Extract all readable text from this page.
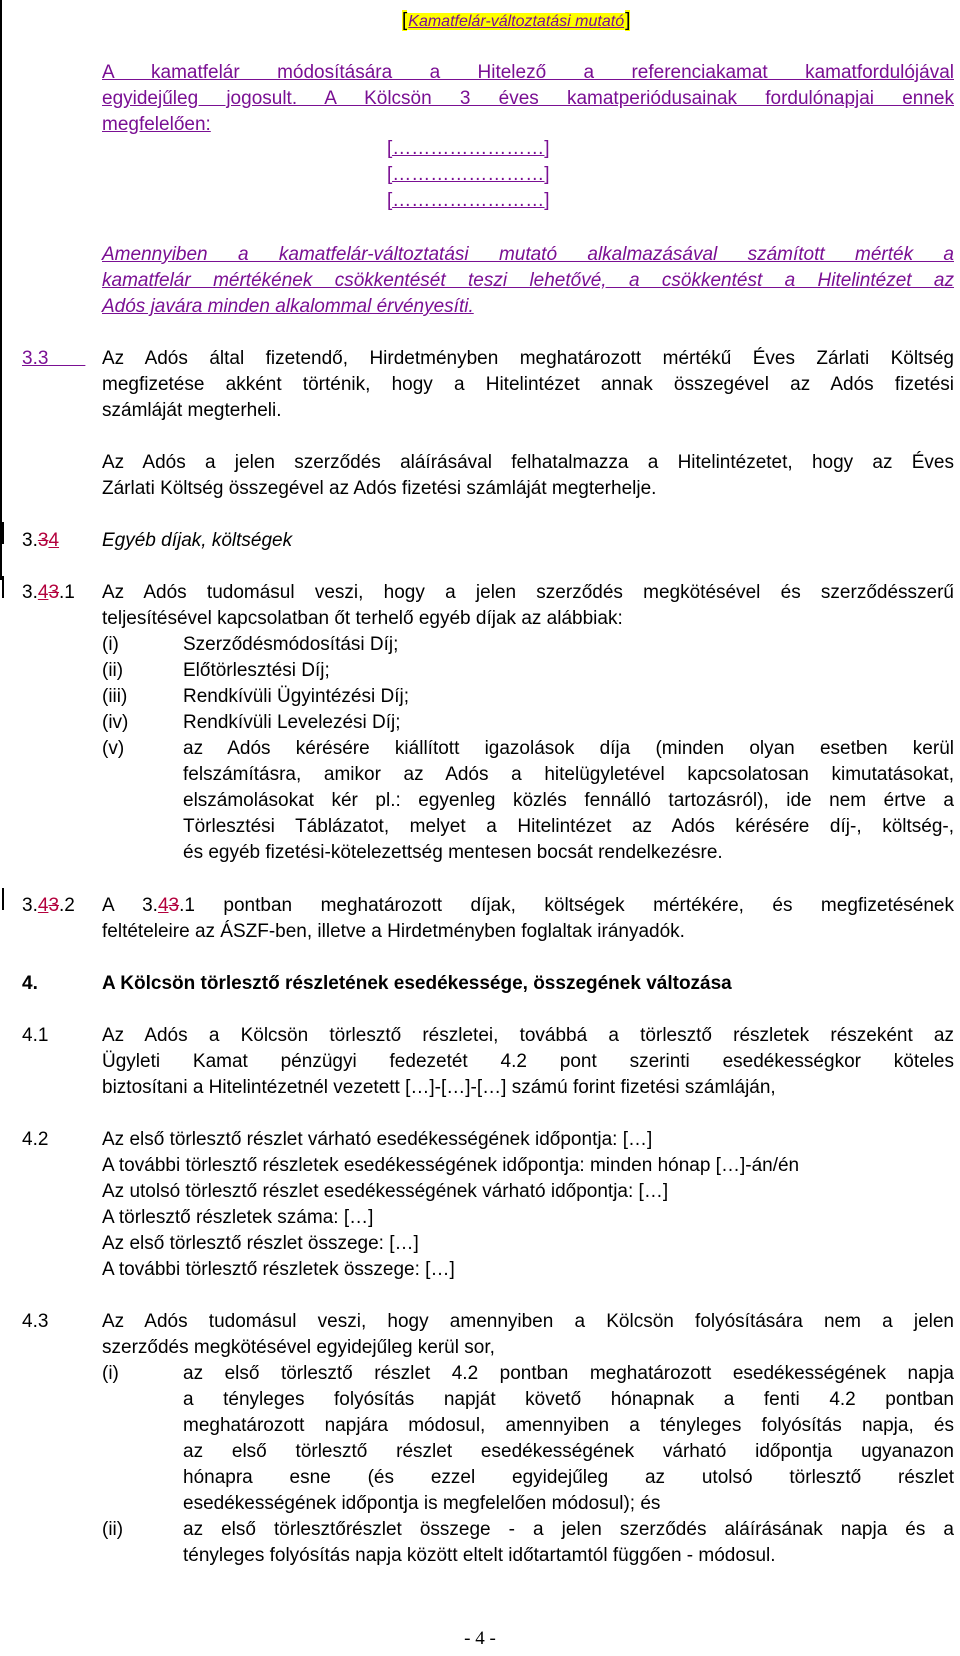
[Kamatfelár-változtatási mutató]
A kamatfelár módosítására a Hitelező a referenciakamat kamatfordulójával
egyidejűleg jogosult. A Kölcsön 3 éves kamatperiódusainak fordulónapjai ennek
megfelelően:
[……………………]
[……………………]
[……………………]
Amennyiben a kamatfelár-változtatási mutató alkalmazásával számított mérték a
kamatfelár mértékének csökkentését teszi lehetővé, a csökkentést a Hitelintézet az
Adós javára minden alkalommal érvényesíti.
3.3	Az Adós által fizetendő, Hirdetményben meghatározott mértékű Éves Zárlati Költség
megfizetése akként történik, hogy a Hitelintézet annak összegével az Adós fizetési
számláját megterheli.
Az Adós a jelen szerződés aláírásával felhatalmazza a Hitelintézetet, hogy az Éves
Zárlati Költség összegével az Adós fizetési számláját megterhelje.
3.34 Egyéb díjak, költségek
3.43.1 Az Adós tudomásul veszi, hogy a jelen szerződés megkötésével és szerződésszerű
teljesítésével kapcsolatban őt terhelő egyéb díjak az alábbiak:
(i)	Szerződésmódosítási Díj;
(ii)	Előtörlesztési Díj;
(iii)	Rendkívüli Ügyintézési Díj;
(iv)	Rendkívüli Levelezési Díj;
(v)	az Adós kérésére kiállított igazolások díja (minden olyan esetben kerül
felszámításra, amikor az Adós a hitelügyletével kapcsolatosan kimutatásokat,
elszámolásokat kér pl.: egyenleg közlés fennálló tartozásról), ide nem értve a
Törlesztési Táblázatot, melyet a Hitelintézet az Adós kérésére díj-, költség-,
és egyéb fizetési-kötelezettség mentesen bocsát rendelkezésre.
3.43.2 A 3.43.1 pontban meghatározott díjak, költségek mértékére, és megfizetésének
feltételeire az ÁSZF-ben, illetve a Hirdetményben foglaltak irányadók.
4.	A Kölcsön törlesztő részletének esedékessége, összegének változása
4.1	Az Adós a Kölcsön törlesztő részletei, továbbá a törlesztő részletek részeként az
Ügyleti Kamat pénzügyi fedezetét 4.2 pont szerinti esedékességkor köteles
biztosítani a Hitelintézetnél vezetett […]-[…]-[…] számú forint fizetési számláján,
4.2	Az első törlesztő részlet várható esedékességének időpontja: […]
A további törlesztő részletek esedékességének időpontja: minden hónap […]-án/én
Az utolsó törlesztő részlet esedékességének várható időpontja: […]
A törlesztő részletek száma: […]
Az első törlesztő részlet összege: […]
A további törlesztő részletek összege: […]
4.3	Az Adós tudomásul veszi, hogy amennyiben a Kölcsön folyósítására nem a jelen
szerződés megkötésével egyidejűleg kerül sor,
(i)	az első törlesztő részlet 4.2 pontban meghatározott esedékességének napja
a tényleges folyósítás napját követő hónapnak a fenti 4.2 pontban
meghatározott napjára módosul, amennyiben a tényleges folyósítás napja, és
az első törlesztő részlet esedékességének várható időpontja ugyanazon
hónapra esne (és ezzel egyidejűleg az utolsó törlesztő részlet
esedékességének időpontja is megfelelően módosul); és
(ii)	az első törlesztőrészlet összege - a jelen szerződés aláírásának napja és a
tényleges folyósítás napja között eltelt időtartamtól függően - módosul.
- 4 -
